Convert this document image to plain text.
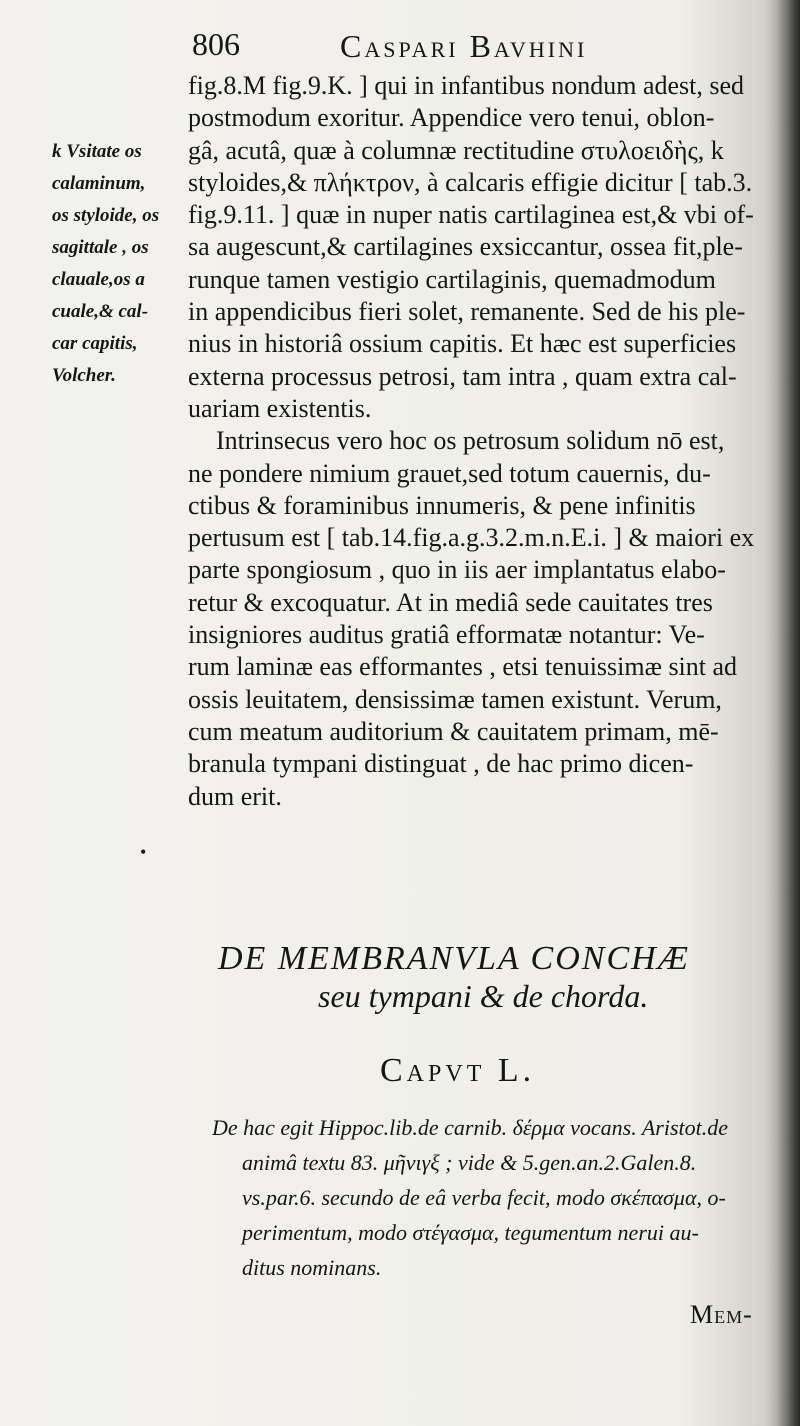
806	Caspari Bavhini
k Vsitate os
calaminum,
os styloide, os
sagittale , os
clauale,os a
cuale,& cal-
car capitis,
Volcher.
fig.8.M fig.9.K. ] qui in infantibus nondum adest, sed
postmodum exoritur. Appendice vero tenui, oblon-
gâ, acutâ, quæ à columnæ rectitudine στυλοειδὴς, k
styloides,& πλήκτρον, à calcaris effigie dicitur [ tab.3.
fig.9.11. ] quæ in nuper natis cartilaginea est,& vbi of-
sa augescunt,& cartilagines exsiccantur, ossea fit,ple-
runque tamen vestigio cartilaginis, quemadmodum
in appendicibus fieri solet, remanente. Sed de his ple-
nius in historiâ ossium capitis. Et hæc est superficies
externa processus petrosi, tam intra , quam extra cal-
uariam existentis.
Intrinsecus vero hoc os petrosum solidum nō est,
ne pondere nimium grauet,sed totum cauernis, du-
ctibus & foraminibus innumeris, & pene infinitis
pertusum est [ tab.14.fig.a.g.3.2.m.n.E.i. ] & maiori ex
parte spongiosum , quo in iis aer implantatus elabo-
retur & excoquatur. At in mediâ sede cauitates tres
insigniores auditus gratiâ efformatæ notantur: Ve-
rum laminæ eas efformantes , etsi tenuissimæ sint ad
ossis leuitatem, densissimæ tamen existunt. Verum,
cum meatum auditorium & cauitatem primam, mē-
branula tympani distinguat , de hac primo dicen-
dum erit.
•
DE MEMBRANVLA CONCHÆ
seu tympani & de chorda.
Capvt L.
De hac egit Hippoc.lib.de carnib. δέρμα vocans. Aristot.de
animâ textu 83. μῆνιγξ ; vide & 5.gen.an.2.Galen.8.
vs.par.6. secundo de eâ verba fecit, modo σκέπασμα, o-
perimentum, modo στέγασμα, tegumentum nerui au-
ditus nominans.
Mem-
